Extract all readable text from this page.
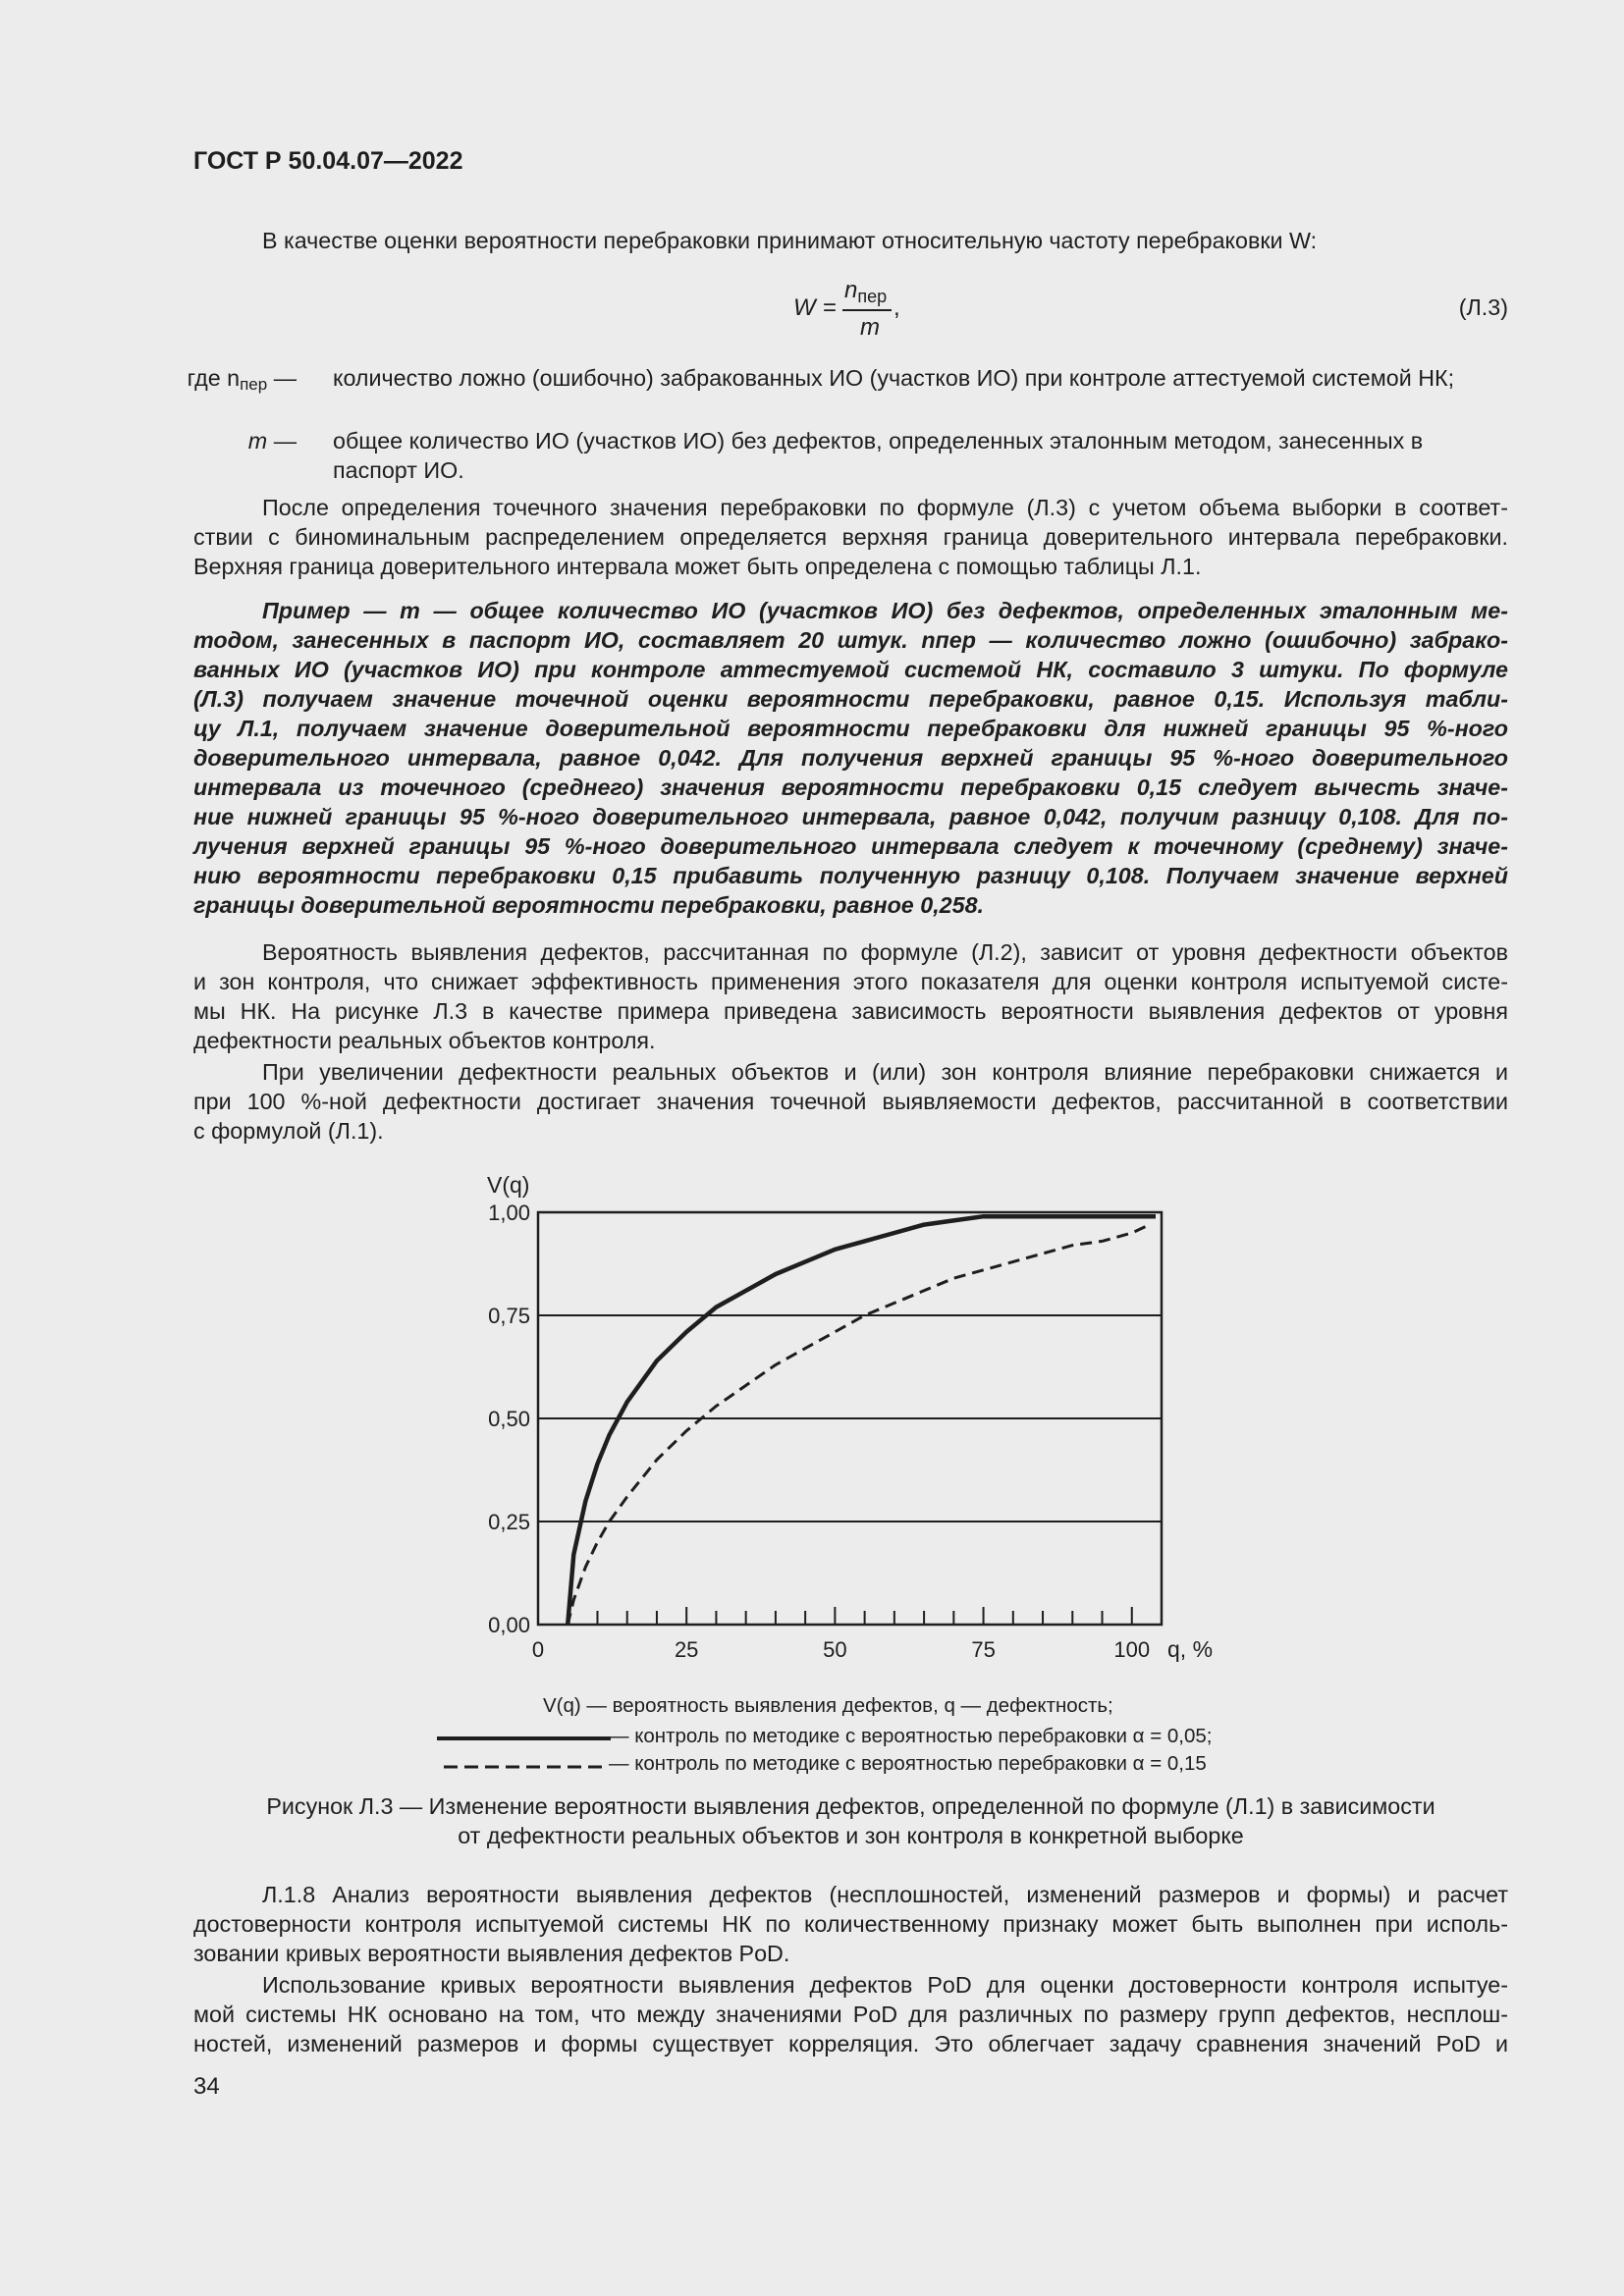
ГОСТ Р 50.04.07—2022
В качестве оценки вероятности перебраковки принимают относительную частоту перебраковки W:
W =
$n_{пер}$
m
,	(Л.3)
где $n_{пер}$ — количество ложно (ошибочно) забракованных ИО (участков ИО) при контроле аттестуемой системой НК;
m — общее количество ИО (участков ИО) без дефектов, определенных эталонным методом, занесенных в паспорт ИО.

После определения точечного значения перебраковки по формуле (Л.3) с учетом объема выборки в соответ-

ствии с биноминальным распределением определяется верхняя граница доверительного интервала перебраковки.

Верхняя граница доверительного интервала может быть определена с помощью таблицы Л.1.

Пример — m — общее количество ИО (участков ИО) без дефектов, определенных эталонным ме-

тодом, занесенных в паспорт ИО, составляет 20 штук. nпер — количество ложно (ошибочно) забрако-

ванных ИО (участков ИО) при контроле аттестуемой системой НК, составило 3 штуки. По формуле

(Л.3) получаем значение точечной оценки вероятности перебраковки, равное 0,15. Используя табли-

цу Л.1, получаем значение доверительной вероятности перебраковки для нижней границы 95 %-ного

доверительного интервала, равное 0,042. Для получения верхней границы 95 %-ного доверительного

интервала из точечного (среднего) значения вероятности перебраковки 0,15 следует вычесть значе-

ние нижней границы 95 %-ного доверительного интервала, равное 0,042, получим разницу 0,108. Для по-

лучения верхней границы 95 %-ного доверительного интервала следует к точечному (среднему) значе-

нию вероятности перебраковки 0,15 прибавить полученную разницу 0,108. Получаем значение верхней

границы доверительной вероятности перебраковки, равное 0,258.

Вероятность выявления дефектов, рассчитанная по формуле (Л.2), зависит от уровня дефектности объектов

и зон контроля, что снижает эффективность применения этого показателя для оценки контроля испытуемой систе-

мы НК. На рисунке Л.3 в качестве примера приведена зависимость вероятности выявления дефектов от уровня

дефектности реальных объектов контроля.

При увеличении дефектности реальных объектов и (или) зон контроля влияние перебраковки снижается и

при 100 %-ной дефектности достигает значения точечной выявляемости дефектов, рассчитанной в соответствии

с формулой (Л.1).

0,00
0,25
0,50
0,75
1,00
0	25	50	75	100
V(q)
q, %
V(q) — вероятность выявления дефектов, q — дефектность;
— контроль по методике с вероятностью перебраковки α = 0,05;
— контроль по методике с вероятностью перебраковки α = 0,15

Рисунок Л.3 — Изменение вероятности выявления дефектов, определенной по формуле (Л.1) в зависимости

от дефектности реальных объектов и зон контроля в конкретной выборке

Л.1.8 Анализ вероятности выявления дефектов (несплошностей, изменений размеров и формы) и расчет

достоверности контроля испытуемой системы НК по количественному признаку может быть выполнен при исполь-

зовании кривых вероятности выявления дефектов PoD.

Использование кривых вероятности выявления дефектов PoD для оценки достоверности контроля испытуе-

мой системы НК основано на том, что между значениями PoD для различных по размеру групп дефектов, несплош-

ностей, изменений размеров и формы существует корреляция. Это облегчает задачу сравнения значений PoD и

34
